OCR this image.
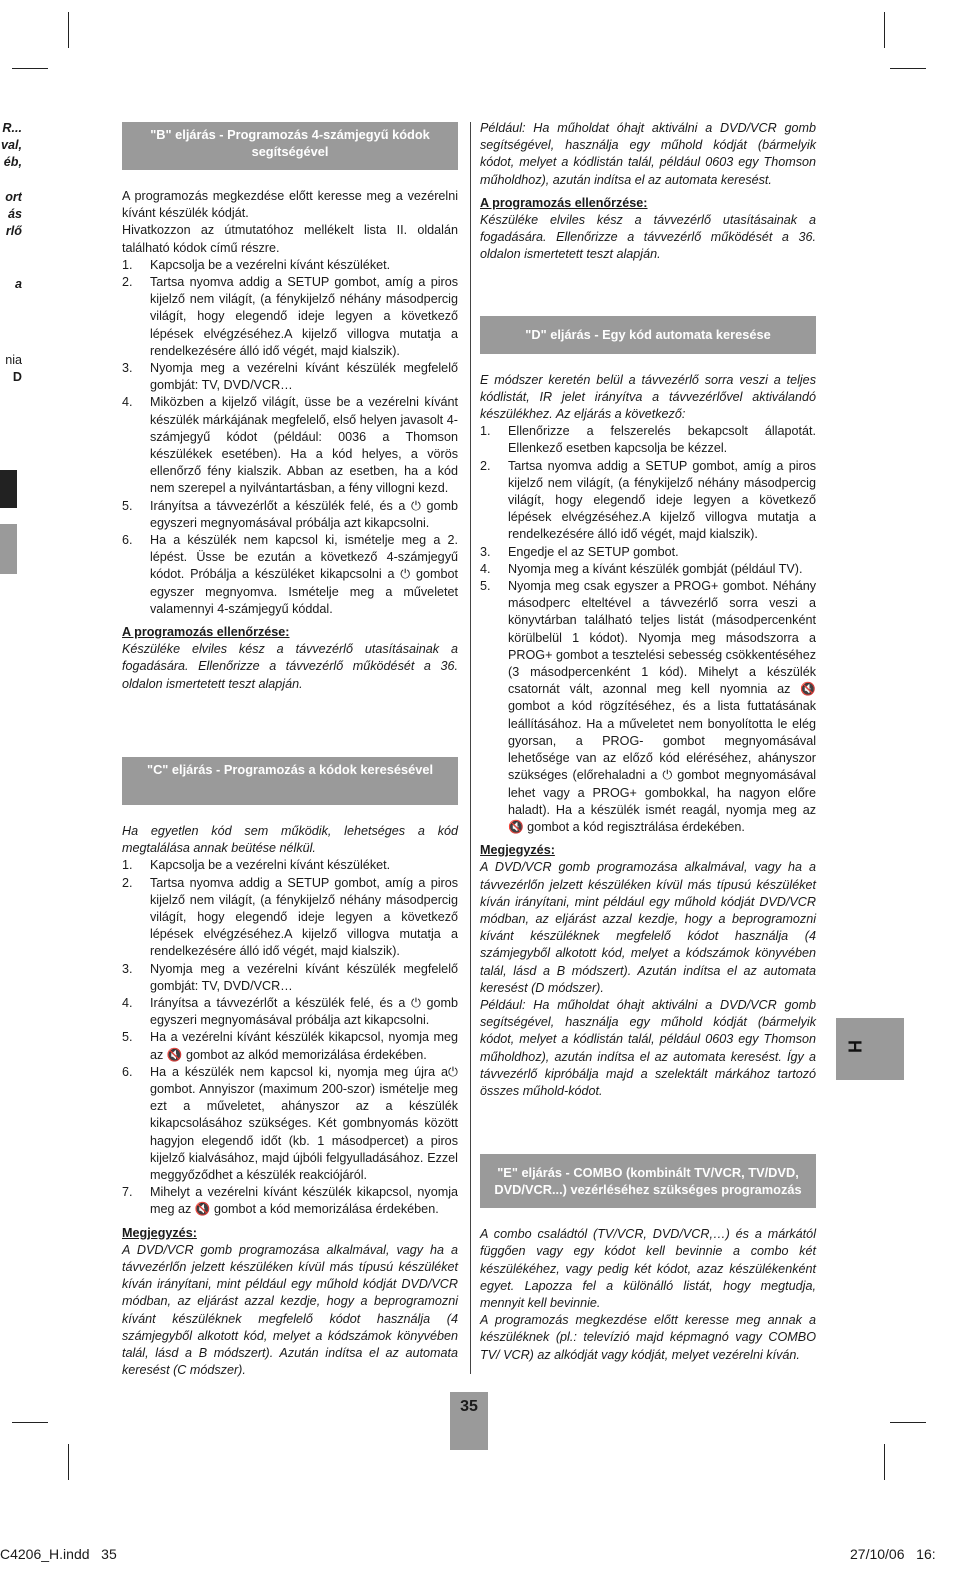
R...
val,
éb,

ort
ás
rlő
a
nia
D
"B" eljárás - Programozás 4-számjegyű kódok segítségével

A programozás megkezdése előtt keresse meg a vezérelni kívánt készülék kódját.

Hivatkozzon az útmutatóhoz mellékelt lista II. oldalán található kódok című részre.

1. Kapcsolja be a vezérelni kívánt készüléket.
2. Tartsa nyomva addig a SETUP gombot, amíg a piros kijelző nem világít, (a fénykijelző néhány másodpercig világít, hogy elegendő ideje legyen a következő lépések elvégzéséhez.A kijelző villogva mutatja a rendelkezésére álló idő végét, majd kialszik).
3. Nyomja meg a vezérelni kívánt készülék megfelelő gombját: TV, DVD/VCR…
4. Miközben a kijelző világít, üsse be a vezérelni kívánt készülék márkájának megfelelő, első helyen javasolt 4-számjegyű kódot (például: 0036 a Thomson készülékek esetében). Ha a kód helyes, a vörös ellenőrző fény kialszik. Abban az esetben, ha a kód nem szerepel a nyilvántartásban, a fény villogni kezd.
5. Irányítsa a távvezérlőt a készülék felé, és a ⏻ gomb egyszeri megnyomásával próbálja azt kikapcsolni.
6. Ha a készülék nem kapcsol ki, ismételje meg a 2. lépést. Üsse be ezután a következő 4-számjegyű kódot. Próbálja a készüléket kikapcsolni a ⏻ gombot egyszer megnyomva. Ismételje meg a műveletet valamennyi 4-számjegyű kóddal.

A programozás ellenőrzése:

Készüléke elviles kész a távvezérlő utasításainak a fogadására. Ellenőrizze a távvezérlő működését a 36. oldalon ismertetett teszt alapján.

"C" eljárás - Programozás a kódok keresésével

Ha egyetlen kód sem működik, lehetséges a kód megtalálása annak beütése nélkül.

1. Kapcsolja be a vezérelni kívánt készüléket.
2. Tartsa nyomva addig a SETUP gombot, amíg a piros kijelző nem világít, (a fénykijelző néhány másodpercig világít, hogy elegendő ideje legyen a következő lépések elvégzéséhez.A kijelző villogva mutatja a rendelkezésére álló idő végét, majd kialszik).
3. Nyomja meg a vezérelni kívánt készülék megfelelő gombját: TV, DVD/VCR…
4. Irányítsa a távvezérlőt a készülék felé, és a ⏻ gomb egyszeri megnyomásával próbálja azt kikapcsolni.
5. Ha a vezérelni kívánt készülék kikapcsol, nyomja meg az 🔇 gombot az alkód memorizálása érdekében.
6. Ha a készülék nem kapcsol ki, nyomja meg újra a⏻ gombot. Annyiszor (maximum 200-szor) ismételje meg ezt a műveletet, ahányszor az a készülék kikapcsolásához szükséges. Két gombnyomás között hagyjon elegendő időt (kb. 1 másodpercet) a piros kijelző kialvásához, majd újbóli felgyulladásához. Ezzel meggyőződhet a készülék reakciójáról.
7. Mihelyt a vezérelni kívánt készülék kikapcsol, nyomja meg az 🔇 gombot a kód memorizálása érdekében.

Megjegyzés:

A DVD/VCR gomb programozása alkalmával, vagy ha a távvezérlőn jelzett készüléken kívül más típusú készüléket kíván irányítani, mint például egy műhold kódját DVD/VCR módban, az eljárást azzal kezdje, hogy a beprogramozni kívánt készüléknek megfelelő kódot használja (4 számjegyből alkotott kód, melyet a kódszámok könyvében talál, lásd a B módszert). Azután indítsa el az automata keresést (C módszer).

Például: Ha műholdat óhajt aktiválni a DVD/VCR gomb segítségével, használja egy műhold kódját (bármelyik kódot, melyet a kódlistán talál, például 0603 egy Thomson műholdhoz), azután indítsa el az automata keresést.

A programozás ellenőrzése:

Készüléke elviles kész a távvezérlő utasításainak a fogadására. Ellenőrizze a távvezérlő működését a 36. oldalon ismertetett teszt alapján.

"D" eljárás - Egy kód automata keresése

E módszer keretén belül a távvezérlő sorra veszi a teljes kódlistát, IR jelet irányítva a távvezérlővel aktiválandó készülékhez. Az eljárás a következő:

1. Ellenőrizze a felszerelés bekapcsolt állapotát. Ellenkező esetben kapcsolja be kézzel.
2. Tartsa nyomva addig a SETUP gombot, amíg a piros kijelző nem világít, (a fénykijelző néhány másodpercig világít, hogy elegendő ideje legyen a következő lépések elvégzéséhez.A kijelző villogva mutatja a rendelkezésére álló idő végét, majd kialszik).
3. Engedje el az SETUP gombot.
4. Nyomja meg a kívánt készülék gombját (például TV).
5. Nyomja meg csak egyszer a PROG+ gombot. Néhány másodperc elteltével a távvezérlő sorra veszi a könyvtárban található teljes listát (másodpercenként körülbelül 1 kódot). Nyomja meg másodszorra a PROG+ gombot a tesztelési sebesség csökkentéséhez (3 másodpercenként 1 kód). Mihelyt a készülék csatornát vált, azonnal meg kell nyomnia az 🔇 gombot a kód rögzítéséhez, és a lista futtatásának leállításához. Ha a műveletet nem bonyolította le elég gyorsan, a PROG- gombot megnyomásával lehetősége van az előző kód eléréséhez, ahányszor szükséges (előrehaladni a ⏻ gombot megnyomásával lehet vagy a PROG+ gombokkal, ha nagyon előre haladt). Ha a készülék ismét reagál, nyomja meg az 🔇 gombot a kód regisztrálása érdekében.

Megjegyzés:

A DVD/VCR gomb programozása alkalmával, vagy ha a távvezérlőn jelzett készüléken kívül más típusú készüléket kíván irányítani, mint például egy műhold kódját DVD/VCR módban, az eljárást azzal kezdje, hogy a beprogramozni kívánt készüléknek megfelelő kódot használja (4 számjegyből alkotott kód, melyet a kódszámok könyvében talál, lásd a B módszert). Azután indítsa el az automata keresést (D módszer).

Például: Ha műholdat óhajt aktiválni a DVD/VCR gomb segítségével, használja egy műhold kódját (bármelyik kódot, melyet a kódlistán talál, például 0603 egy Thomson műholdhoz), azután indítsa el az automata keresést. Így a távvezérlő kipróbálja majd a szelektált márkához tartozó összes műhold-kódot.

"E" eljárás - COMBO (kombinált TV/VCR, TV/DVD, DVD/VCR...) vezérléséhez szükséges programozás

A combo családtól (TV/VCR, DVD/VCR,…) és a márkától függően vagy egy kódot kell bevinnie a combo két készülékéhez, vagy pedig két kódot, azaz készülékenként egyet. Lapozza fel a különálló listát, hogy megtudja, mennyit kell bevinnie.

A programozás megkezdése előtt keresse meg annak a készüléknek (pl.: televízió majd képmagnó vagy COMBO TV/ VCR) az alkódját vagy kódját, melyet vezérelni kíván.

H
35
C4206_H.indd   35	27/10/06   16:
